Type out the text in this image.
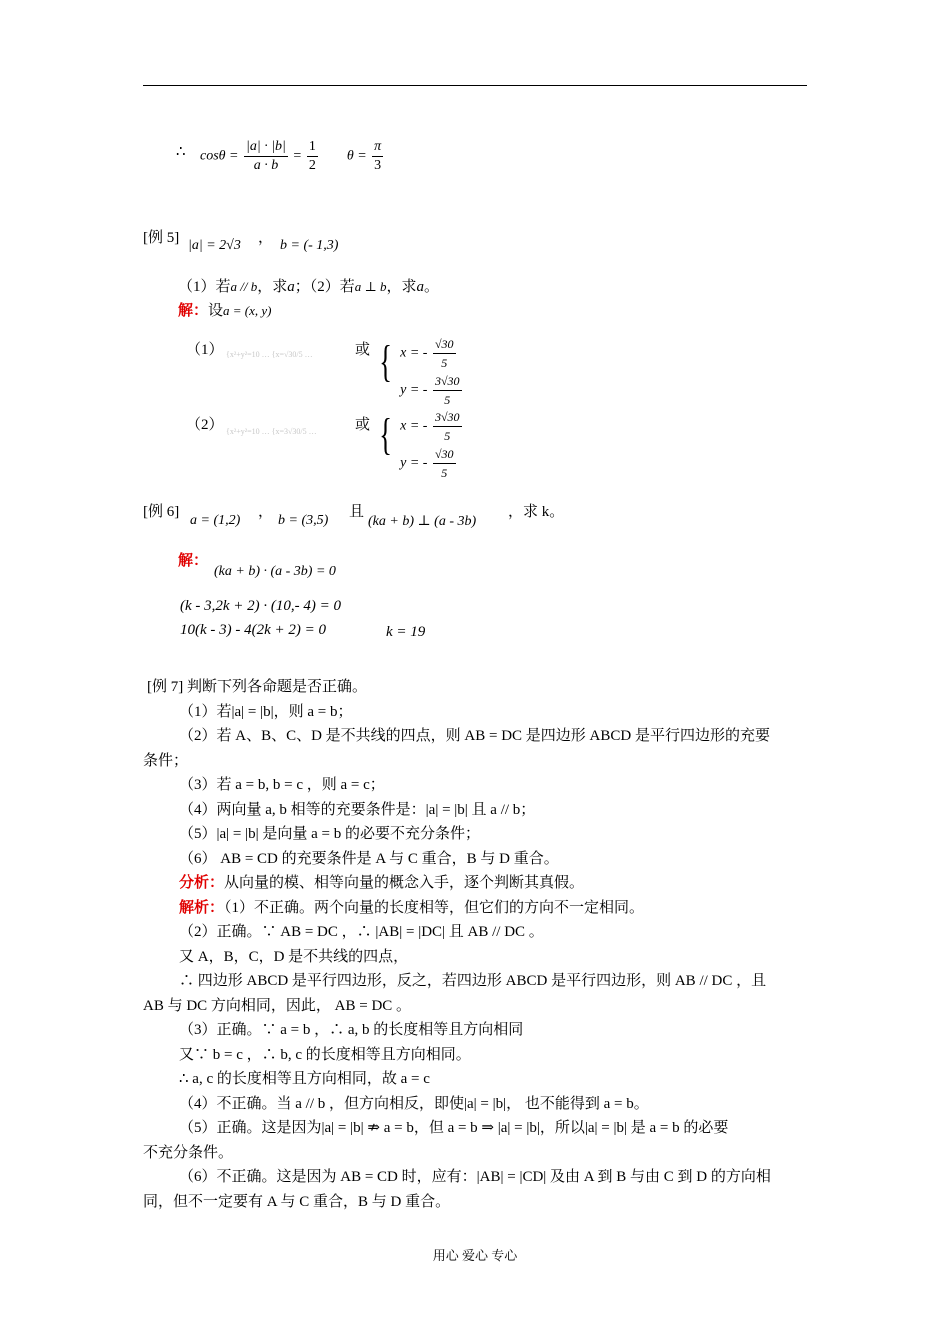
∴ $\cos\theta = \frac{|a| \cdot |b|}{a \cdot b} = \frac{1}{2}$ $\theta = \frac{\pi}{3}$
[例 5] |a| = 2√3 ， b = (- 1,3)
（1）若a // b，求a；（2）若a ⊥ b，求a。
解：设a = (x, y)
（1） {x²+y²=10 … {x=√30/5 …	或 { x = - $\frac{√30}{5}$
y = - $\frac{3√30}{5}$
（2） {x²+y²=10 … {x=3√30/5 …	或 { x = - $\frac{3√30}{5}$
y = - $\frac{√30}{5}$
[例 6]
a = (1,2)
，
b = (3,5)
且
(ka + b) ⊥ (a - 3b)
，求 k。
解：
(ka + b) · (a - 3b) = 0
(k - 3,2k + 2) · (10,- 4) = 0
10(k - 3) - 4(2k + 2) = 0	k = 19
[例 7] 判断下列各命题是否正确。
（1）若|a| = |b|，则 a = b；
（2）若 A、B、C、D 是不共线的四点，则 AB = DC 是四边形 ABCD 是平行四边形的充要
条件；
（3）若 a = b, b = c ，则 a = c；
（4）两向量 a, b 相等的充要条件是：|a| = |b| 且 a // b；
（5）|a| = |b| 是向量 a = b 的必要不充分条件；
（6） AB = CD 的充要条件是 A 与 C 重合，B 与 D 重合。
分析：从向量的模、相等向量的概念入手，逐个判断其真假。
解析：（1）不正确。两个向量的长度相等，但它们的方向不一定相同。
（2）正确。∵ AB = DC ，∴ |AB| = |DC| 且 AB // DC 。
又 A，B，C，D 是不共线的四点，
∴ 四边形 ABCD 是平行四边形，反之，若四边形 ABCD 是平行四边形，则 AB // DC ，且
AB 与 DC 方向相同，因此， AB = DC 。
（3）正确。∵ a = b ，∴ a, b 的长度相等且方向相同
又∵ b = c ，∴ b, c 的长度相等且方向相同。
∴ a, c 的长度相等且方向相同，故 a = c
（4）不正确。当 a // b ，但方向相反，即使|a| = |b|， 也不能得到 a = b。
（5）正确。这是因为|a| = |b| ⇏ a = b，但 a = b ⇒ |a| = |b|，所以|a| = |b| 是 a = b 的必要
不充分条件。
（6）不正确。这是因为 AB = CD 时，应有：|AB| = |CD| 及由 A 到 B 与由 C 到 D 的方向相
同，但不一定要有 A 与 C 重合，B 与 D 重合。
用心 爱心 专心
